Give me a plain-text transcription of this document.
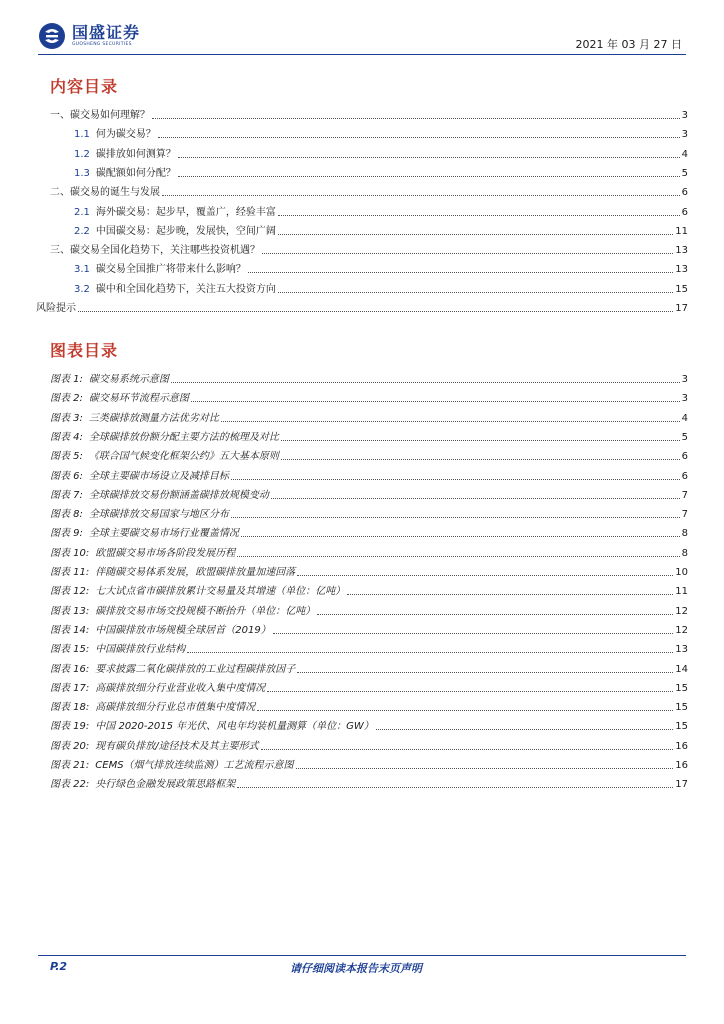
国盛证券
GUOSHENG SECURITIES	2021 年 03 月 27 日
内容目录
一、碳交易如何理解？	3
1.1 何为碳交易？	3
1.2 碳排放如何测算？	4
1.3 碳配额如何分配？	5
二、碳交易的诞生与发展	6
2.1 海外碳交易：起步早，覆盖广，经验丰富	6
2.2 中国碳交易：起步晚，发展快，空间广阔	11
三、碳交易全国化趋势下，关注哪些投资机遇？	13
3.1 碳交易全国推广将带来什么影响？	13
3.2 碳中和全国化趋势下，关注五大投资方向	15
风险提示	17
图表目录
图表 1: 碳交易系统示意图	3
图表 2: 碳交易环节流程示意图	3
图表 3: 三类碳排放测量方法优劣对比	4
图表 4: 全球碳排放份额分配主要方法的梳理及对比	5
图表 5: 《联合国气候变化框架公约》五大基本原则	6
图表 6: 全球主要碳市场设立及减排目标	6
图表 7: 全球碳排放交易份额涵盖碳排放规模变动	7
图表 8: 全球碳排放交易国家与地区分布	7
图表 9: 全球主要碳交易市场行业覆盖情况	8
图表 10: 欧盟碳交易市场各阶段发展历程	8
图表 11: 伴随碳交易体系发展，欧盟碳排放量加速回落	10
图表 12: 七大试点省市碳排放累计交易量及其增速（单位：亿吨）	11
图表 13: 碳排放交易市场交投规模不断抬升（单位：亿吨）	12
图表 14: 中国碳排放市场规模全球居首（2019）	12
图表 15: 中国碳排放行业结构	13
图表 16: 要求披露二氧化碳排放的工业过程碳排放因子	14
图表 17: 高碳排放细分行业营业收入集中度情况	15
图表 18: 高碳排放细分行业总市值集中度情况	15
图表 19: 中国 2020-2015 年光伏、风电年均装机量测算（单位：GW）	15
图表 20: 现有碳负排放/途径技术及其主要形式	16
图表 21: CEMS（烟气排放连续监测）工艺流程示意图	16
图表 22: 央行绿色金融发展政策思路框架	17
P.2	请仔细阅读本报告末页声明
